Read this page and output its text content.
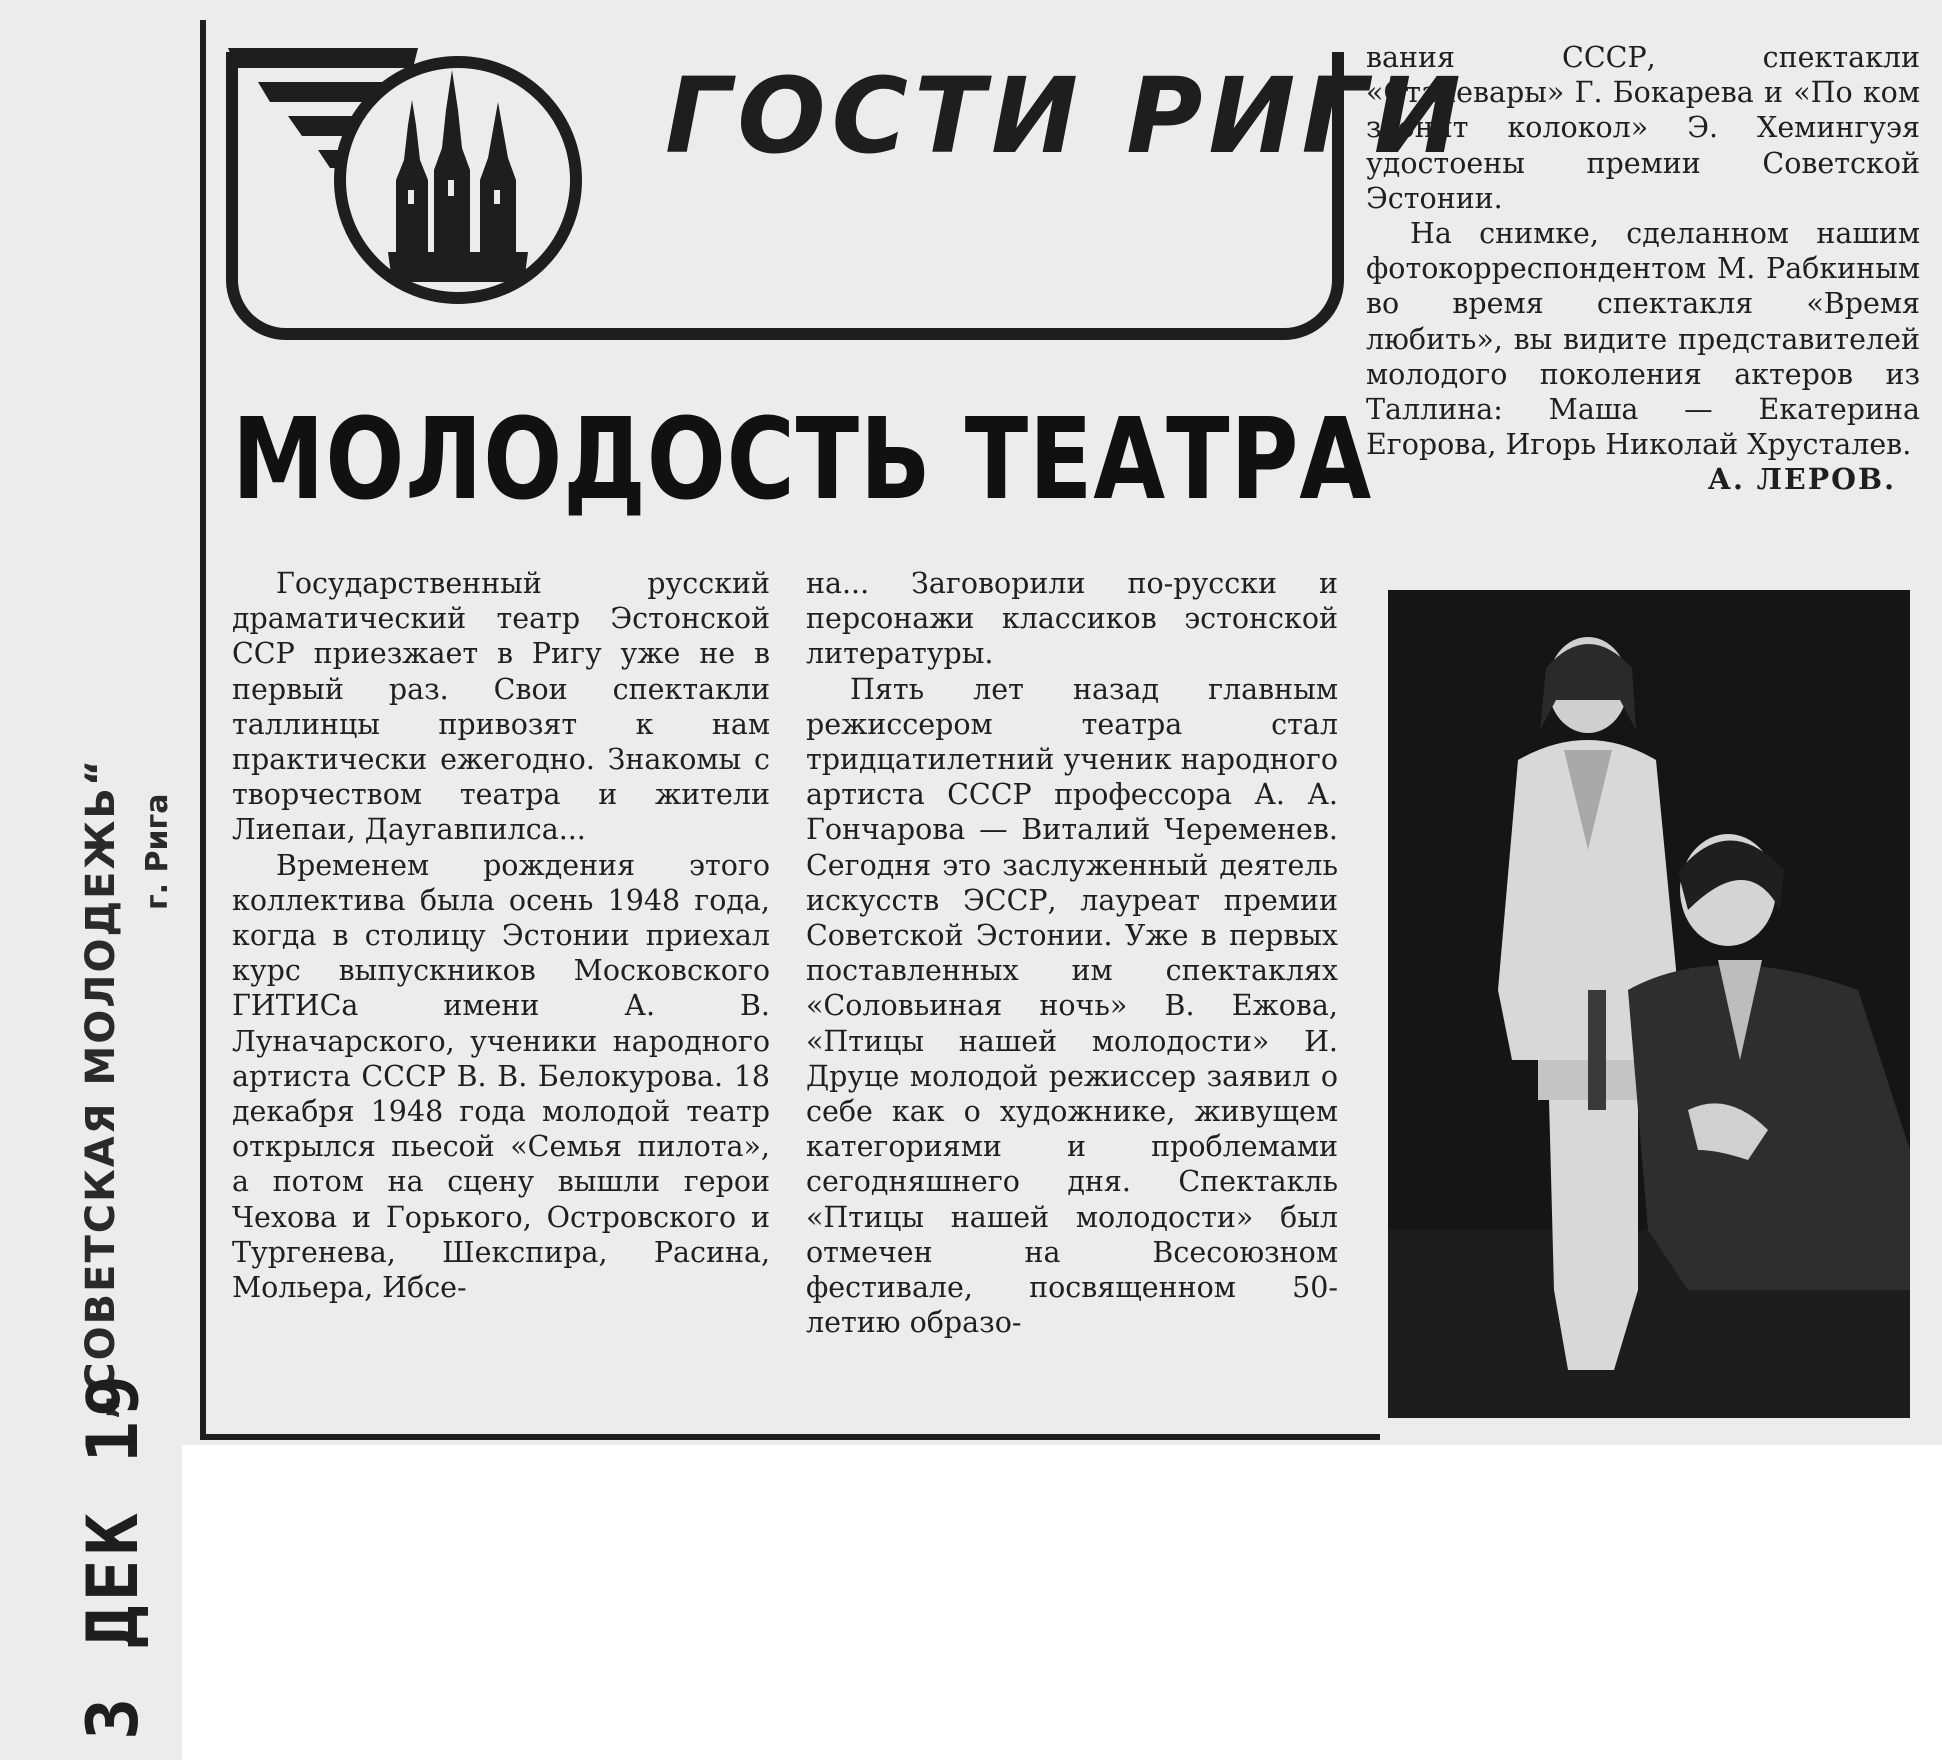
„СОВЕТСКАЯ МОЛОДЕЖЬ“ г. Рига
3 ДЕК 19
ГОСТИ РИГИ
МОЛОДОСТЬ ТЕАТРА

Государственный русский драматический театр Эстонской ССР приезжает в Ригу уже не в первый раз. Свои спектакли таллинцы привозят к нам практически ежегодно. Знакомы с творчеством театра и жители Лиепаи, Даугавпилса...

Временем рождения этого коллектива была осень 1948 года, когда в столицу Эстонии приехал курс выпускников Московского ГИТИСа имени А. В. Луначарского, ученики народного артиста СССР В. В. Белокурова. 18 декабря 1948 года молодой театр открылся пьесой «Семья пилота», а потом на сцену вышли герои Чехова и Горького, Островского и Тургенева, Шекспира, Расина, Мольера, Ибсе-

на... Заговорили по-русски и персонажи классиков эстонской литературы.

Пять лет назад главным режиссером театра стал тридцатилетний ученик народного артиста СССР профессора А. А. Гончарова — Виталий Черeменев. Сегодня это заслуженный деятель искусств ЭССР, лауреат премии Советской Эстонии. Уже в первых поставленных им спектаклях «Соловьиная ночь» В. Ежова, «Птицы нашей молодости» И. Друце молодой режиссер заявил о себе как о художнике, живущем категориями и проблемами сегодняшнего дня. Спектакль «Птицы нашей молодости» был отмечен на Всесоюзном фестивале, посвященном 50-летию образо-

вания СССР, спектакли «Сталевары» Г. Бокарева и «По ком звонит колокол» Э. Хемингуэя удостоены премии Советской Эстонии.

На снимке, сделанном нашим фотокорреспондентом М. Рабкиным во время спектакля «Время любить», вы видите представителей молодого поколения актеров из Таллина: Маша — Екатерина Егорова, Игорь Николай Хрусталев.

А. ЛЕРОВ.
